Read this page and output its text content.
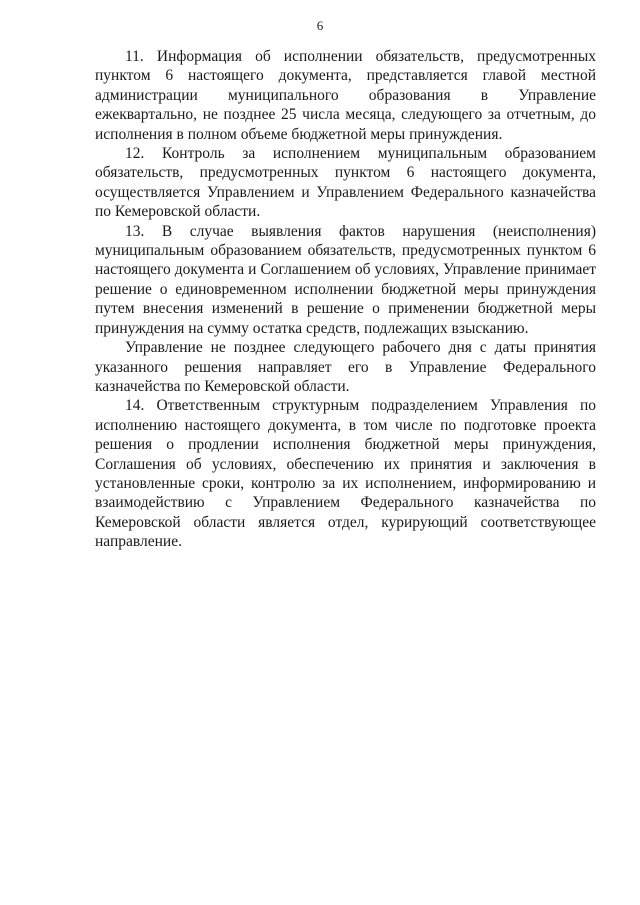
6

11. Информация об исполнении обязательств, предусмотренных пунктом 6 настоящего документа, представляется главой местной администрации муниципального образования в Управление ежеквартально, не позднее 25 числа месяца, следующего за отчетным, до исполнения в полном объеме бюджетной меры принуждения.

12. Контроль за исполнением муниципальным образованием обязательств, предусмотренных пунктом 6 настоящего документа, осуществляется Управлением и Управлением Федерального казначейства по Кемеровской области.

13. В случае выявления фактов нарушения (неисполнения) муниципальным образованием обязательств, предусмотренных пунктом 6 настоящего документа и Соглашением об условиях, Управление принимает решение о единовременном исполнении бюджетной меры принуждения путем внесения изменений в решение о применении бюджетной меры принуждения на сумму остатка средств, подлежащих взысканию.

Управление не позднее следующего рабочего дня с даты принятия указанного решения направляет его в Управление Федерального казначейства по Кемеровской области.

14. Ответственным структурным подразделением Управления по исполнению настоящего документа, в том числе по подготовке проекта решения о продлении исполнения бюджетной меры принуждения, Соглашения об условиях, обеспечению их принятия и заключения в установленные сроки, контролю за их исполнением, информированию и взаимодействию с Управлением Федерального казначейства по Кемеровской области является отдел, курирующий соответствующее направление.
